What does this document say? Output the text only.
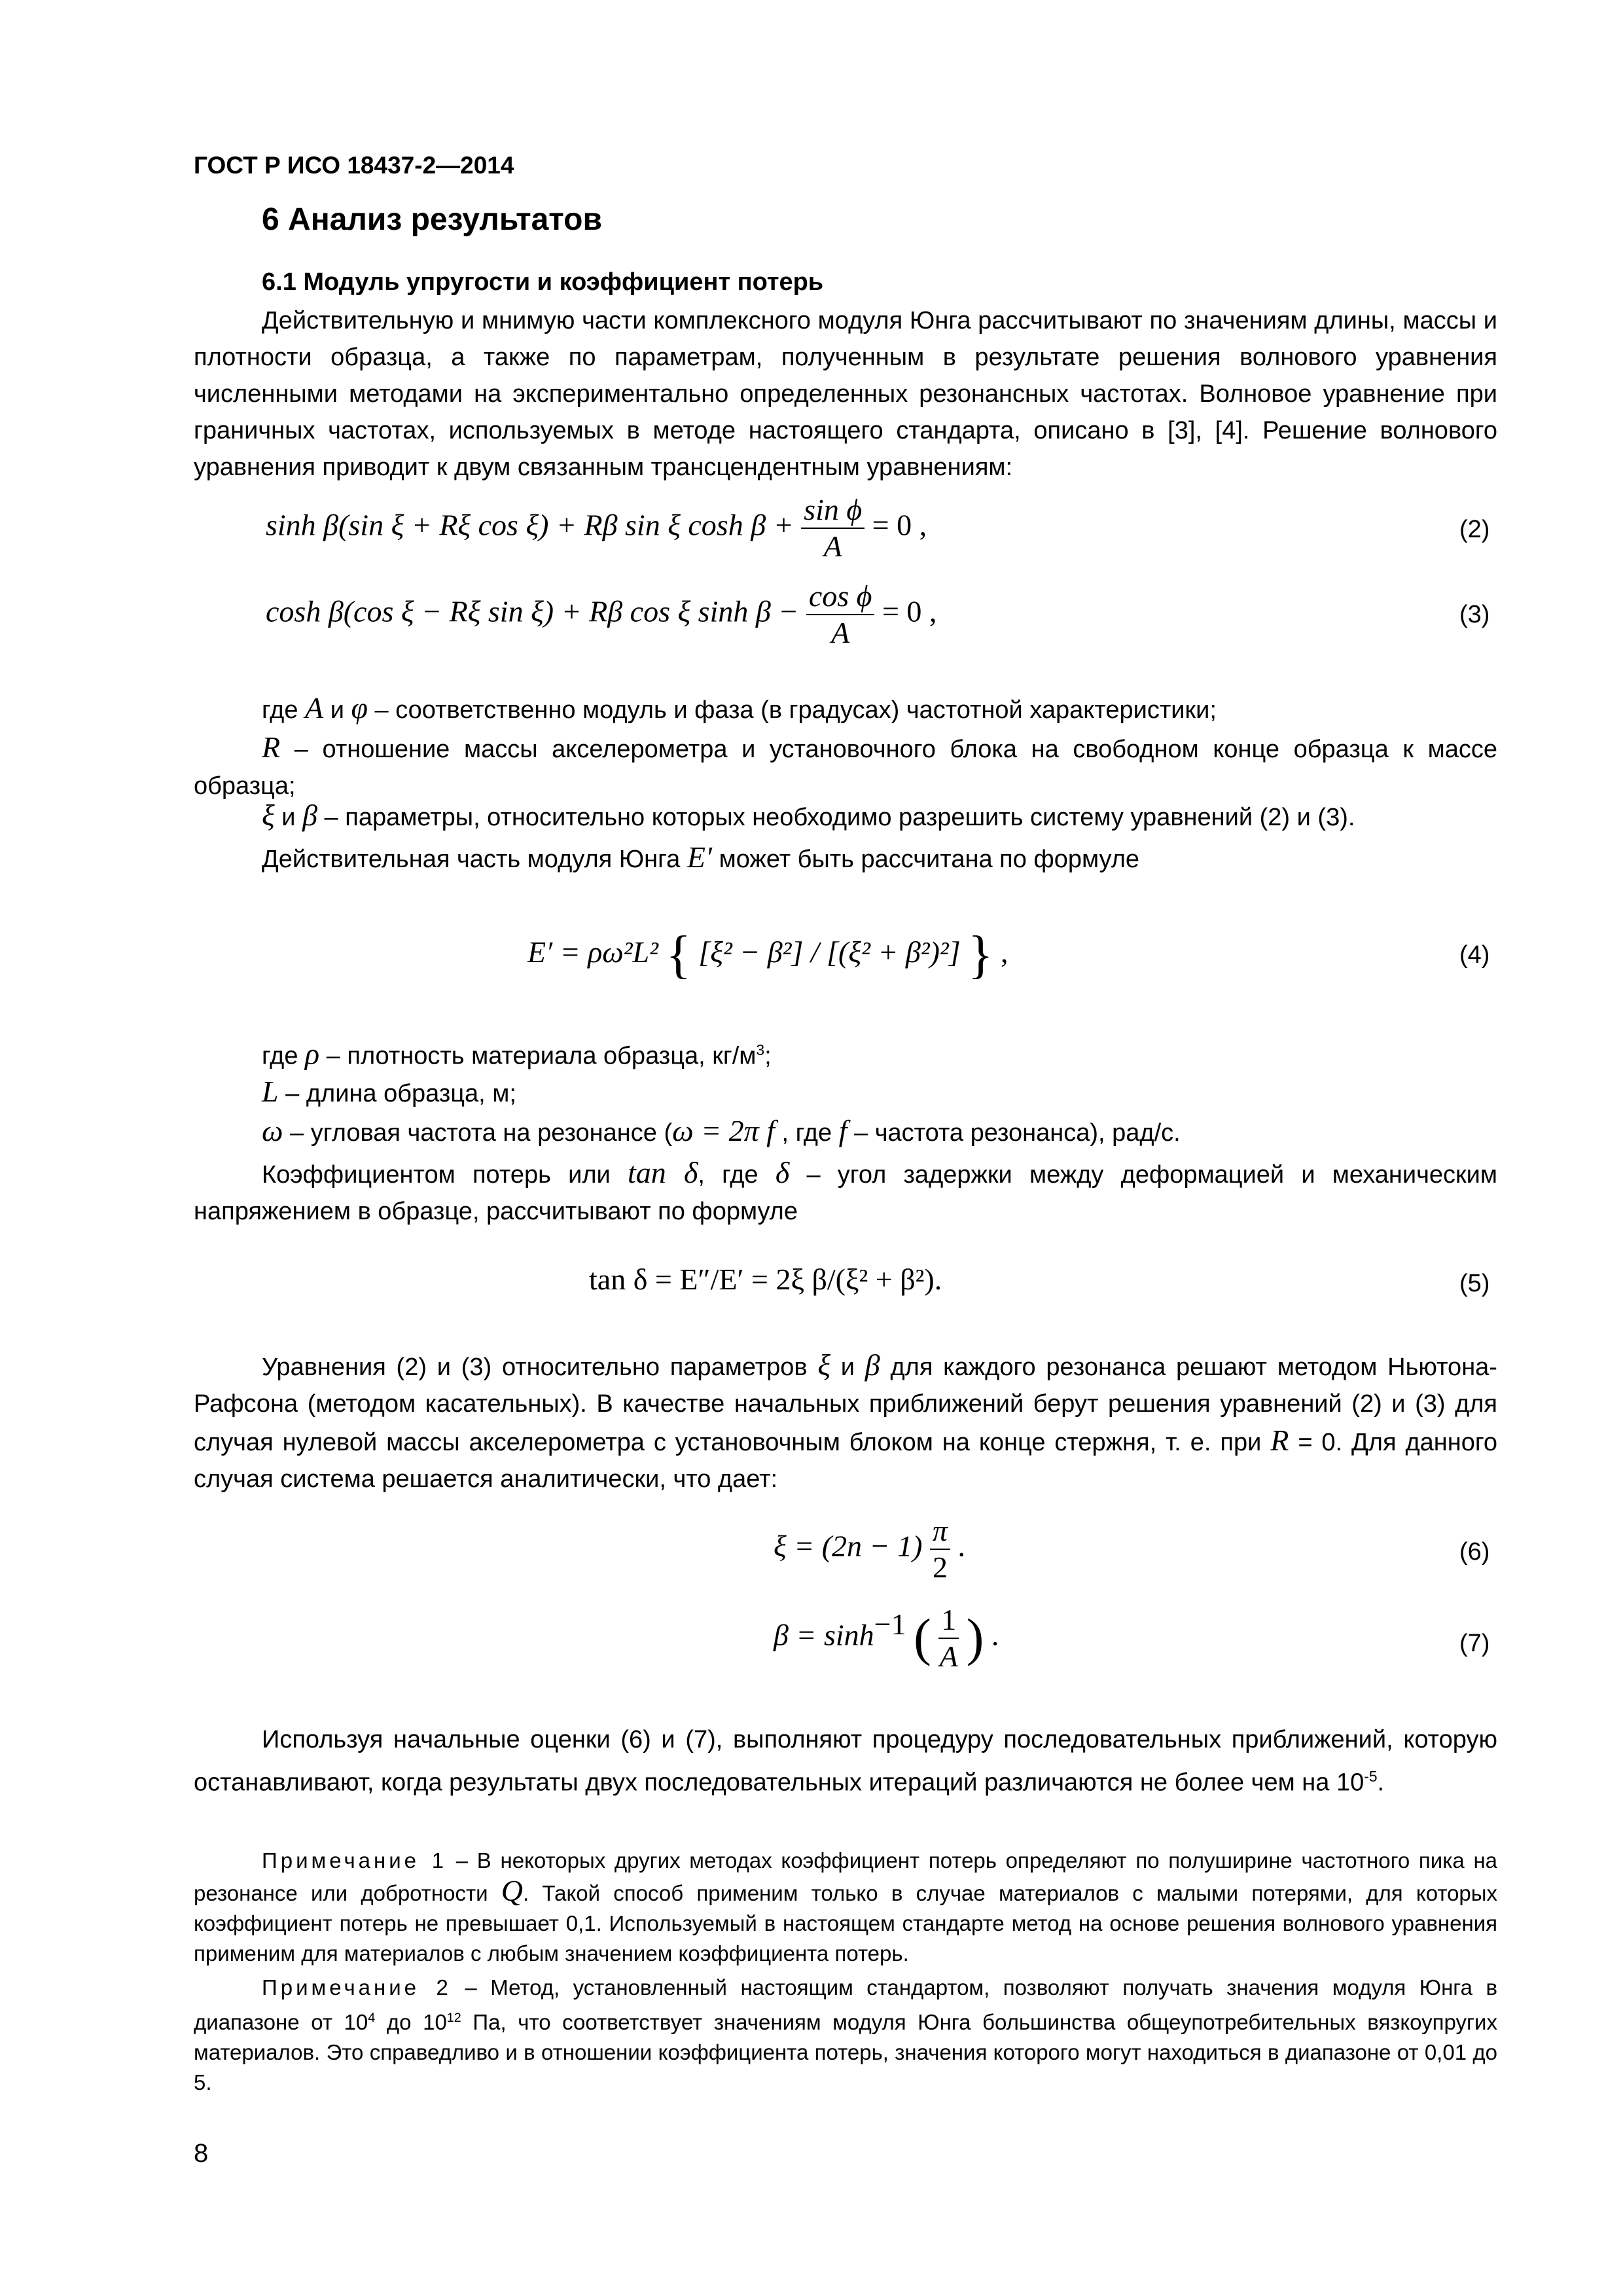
ГОСТ Р ИСО 18437-2—2014
6 Анализ результатов
6.1 Модуль упругости и коэффициент потерь
Действительную и мнимую части комплексного модуля Юнга рассчитывают по значениям длины, массы и плотности образца, а также по параметрам, полученным в результате решения волнового уравнения численными методами на экспериментально определенных резонансных частотах. Волновое уравнение при граничных частотах, используемых в методе настоящего стандарта, описано в [3], [4]. Решение волнового уравнения приводит к двум связанным трансцендентным уравнениям:
sinh β(sin ξ + Rξ cos ξ) + Rβ sin ξ $\cosh \beta + \frac{\text{sin ϕ}}{A} = 0$ ,	(2)
cosh β(cos ξ − Rξ sin ξ) + Rβ cos ξ $\sinh \beta - \frac{\text{cos ϕ}}{A} = 0$ ,	(3)
где A и φ – соответственно модуль и фаза (в градусах) частотной характеристики;
R – отношение массы акселерометра и установочного блока на свободном конце образца к массе образца;
ξ и β – параметры, относительно которых необходимо разрешить систему уравнений (2) и (3).
Действительная часть модуля Юнга E′ может быть рассчитана по формуле
E′ = ρω²L² { [ξ² − β²] / [(ξ² + β²)²] } ,	(4)
где ρ – плотность материала образца, $кг/м^3$;
L – длина образца, м;
ω – угловая частота на резонансе (ω = 2π f , где f – частота резонанса), рад/с.
Коэффициентом потерь или tan δ, где δ – угол задержки между деформацией и механическим напряжением в образце, рассчитывают по формуле
tan δ = E″/E′ = 2ξ β/(ξ² + β²).	(5)
Уравнения (2) и (3) относительно параметров ξ и β для каждого резонанса решают методом Ньютона-Рафсона (методом касательных). В качестве начальных приближений берут решения уравнений (2) и (3) для случая нулевой массы акселерометра с установочным блоком на конце стержня, т. е. при R = 0. Для данного случая система решается аналитически, что дает:
$\xi = (2n - 1) \frac{\pi}{2}$ .	(6)
$\beta = \sinh^{-1}$ ( $\frac{1}{A}$ ) .	(7)
Используя начальные оценки (6) и (7), выполняют процедуру последовательных приближений, которую останавливают, когда результаты двух последовательных итераций различаются не более чем на $10^{-5}$.
Примечание 1 – В некоторых других методах коэффициент потерь определяют по полуширине частотного пика на резонансе или добротности Q. Такой способ применим только в случае материалов с малыми потерями, для которых коэффициент потерь не превышает 0,1. Используемый в настоящем стандарте метод на основе решения волнового уравнения применим для материалов с любым значением коэффициента потерь.
Примечание 2 – Метод, установленный настоящим стандартом, позволяют получать значения модуля Юнга в диапазоне от $10^4$ до $10^{12}$ Па, что соответствует значениям модуля Юнга большинства общеупотребительных вязкоупругих материалов. Это справедливо и в отношении коэффициента потерь, значения которого могут находиться в диапазоне от 0,01 до 5.
8
